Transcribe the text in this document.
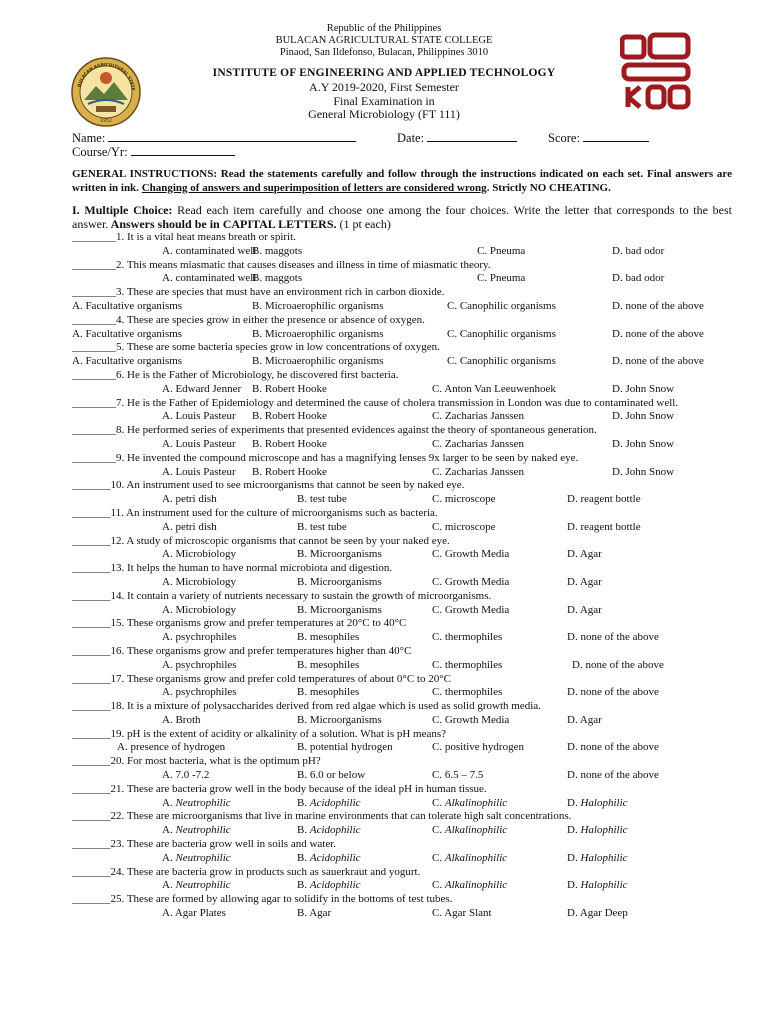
Republic of the Philippines
BULACAN AGRICULTURAL STATE COLLEGE
Pinaod, San Ildefonso, Bulacan, Philippines 3010
INSTITUTE OF ENGINEERING AND APPLIED TECHNOLOGY
A.Y 2019-2020, First Semester
Final Examination in
General Microbiology (FT 111)
BULACAN AGRICULTURAL STATE
1952
Name:	Date:	Score:
Course/Yr:
GENERAL INSTRUCTIONS: Read the statements carefully and follow through the instructions indicated on each set. Final answers are written in ink. Changing of answers and superimposition of letters are considered wrong. Strictly NO CHEATING.
I. Multiple Choice: Read each item carefully and choose one among the four choices. Write the letter that corresponds to the best answer. Answers should be in CAPITAL LETTERS. (1 pt each)
________1. It is a vital heat means breath or spirit.
A. contaminated well
B. maggots	C. Pneuma	D. bad odor
________2. This means miasmatic that causes diseases and illness in time of miasmatic theory.
A. contaminated well
B. maggots	C. Pneuma	D. bad odor
________3. These are species that must have an environment rich in carbon dioxide.
A. Facultative organisms	B. Microaerophilic organisms	C. Canophilic organisms	D. none of the above
________4. These are species grow in either the presence or absence of oxygen.
A. Facultative organisms	B. Microaerophilic organisms	C. Canophilic organisms	D. none of the above
________5. These are some bacteria species grow in low concentrations of oxygen.
A. Facultative organisms	B. Microaerophilic organisms	C. Canophilic organisms	D. none of the above
________6. He is the Father of Microbiology, he discovered first bacteria.
A. Edward Jenner B. Robert Hooke	C. Anton Van Leeuwenhoek	D. John Snow
________7. He is the Father of Epidemiology and determined the cause of cholera transmission in London was due to contaminated well.
A. Louis Pasteur B. Robert Hooke	C. Zacharias Janssen	D. John Snow
________8. He performed series of experiments that presented evidences against the theory of spontaneous generation.
A. Louis Pasteur B. Robert Hooke	C. Zacharias Janssen	D. John Snow
________9. He invented the compound microscope and has a magnifying lenses 9x larger to be seen by naked eye.
A. Louis Pasteur B. Robert Hooke	C. Zacharias Janssen	D. John Snow
_______10. An instrument used to see microorganisms that cannot be seen by naked eye.
A. petri dish	B. test tube	C. microscope	D. reagent bottle
_______11. An instrument used for the culture of microorganisms such as bacteria.
A. petri dish	B. test tube	C. microscope	D. reagent bottle
_______12. A study of microscopic organisms that cannot be seen by your naked eye.
A. Microbiology	B. Microorganisms	C. Growth Media	D. Agar
_______13. It helps the human to have normal microbiota and digestion.
A. Microbiology	B. Microorganisms	C. Growth Media	D. Agar
_______14. It contain a variety of nutrients necessary to sustain the growth of microorganisms.
A. Microbiology	B. Microorganisms	C. Growth Media	D. Agar
_______15. These organisms grow and prefer temperatures at 20°C to 40°C
A. psychrophiles	B. mesophiles	C. thermophiles	D. none of the above
_______16. These organisms grow and prefer temperatures higher than 40°C
A. psychrophiles	B. mesophiles	C. thermophiles	D. none of the above
_______17. These organisms grow and prefer cold temperatures of about 0°C to 20°C
A. psychrophiles	B. mesophiles	C. thermophiles	D. none of the above
_______18. It is a mixture of polysaccharides derived from red algae which is used as solid growth media.
A. Broth	B. Microorganisms	C. Growth Media	D. Agar
_______19. pH is the extent of acidity or alkalinity of a solution. What is pH means?
A. presence of hydrogen	B. potential hydrogen	C. positive hydrogen	D. none of the above
_______20. For most bacteria, what is the optimum pH?
A. 7.0 -7.2	B. 6.0 or below	C. 6.5 – 7.5	D. none of the above
_______21. These are bacteria grow well in the body because of the ideal pH in human tissue.
A. Neutrophilic	B. Acidophilic	C. Alkalinophilic	D. Halophilic
_______22. These are microorganisms that live in marine environments that can tolerate high salt concentrations.
A. Neutrophilic	B. Acidophilic	C. Alkalinophilic	D. Halophilic
_______23. These are bacteria grow well in soils and water.
A. Neutrophilic	B. Acidophilic	C. Alkalinophilic	D. Halophilic
_______24. These are bacteria grow in products such as sauerkraut and yogurt.
A. Neutrophilic	B. Acidophilic	C. Alkalinophilic	D. Halophilic
_______25. These are formed by allowing agar to solidify in the bottoms of test tubes.
A. Agar Plates	B. Agar	C. Agar Slant	D. Agar Deep
